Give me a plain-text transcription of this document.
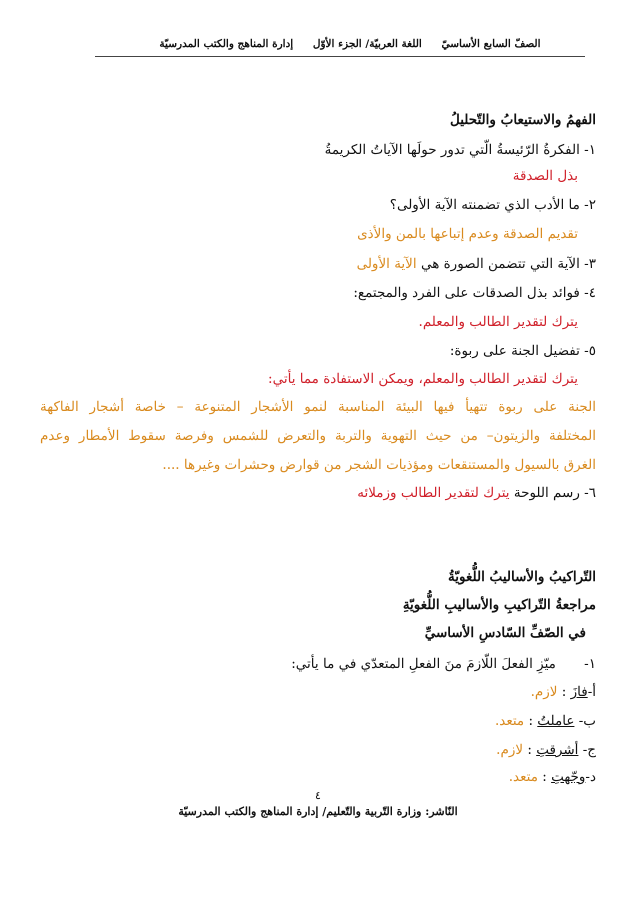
الصفّ السابع الأساسيّ اللغة العربيّة/ الجزء الأوّل إدارة المناهج والكتب المدرسيّة
الفهمُ والاستيعابُ والتّحليلُ
١- الفكرةُ الرّئيسةُ الّتي تدور حولَها الآياتُ الكريمةُ
بذل الصدقة
٢- ما الأدب الذي تضمنته الآية الأولى؟
تقديم الصدقة وعدم إتباعها بالمن والأذى
٣- الآية التي تتضمن الصورة هي الآية الأولى
٤- فوائد بذل الصدقات على الفرد والمجتمع:
يترك لتقدير الطالب والمعلم.
٥- تفضيل الجنة على ربوة:
يترك لتقدير الطالب والمعلم، ويمكن الاستفادة مما يأتي:
الجنة على ربوة تتهيأ فيها البيئة المناسبة لنمو الأشجار المتنوعة – خاصة أشجار الفاكهة
المختلفة والزيتون– من حيث التهوية والتربة والتعرض للشمس وفرصة سقوط الأمطار وعدم
الغرق بالسيول والمستنقعات ومؤذيات الشجر من قوارض وحشرات وغيرها ....
٦- رسم اللوحة يترك لتقدير الطالب وزملائه
التّراكيبُ والأساليبُ اللُّغويّةُ
مراجعةُ التّراكيبِ والأساليبِ اللُّغويّةِ
في الصّفِّ السّادسِ الأساسيِّ
١- ميّزِ الفعلَ اللّازمَ منَ الفعلِ المتعدّي في ما يأتي:
أ-فازَ : لازم.
ب- عاملتُ : متعد.
ج- أشرقتِ : لازم.
د-وجّهتِ : متعد.
٤
النّاشر: وزارة التّربية والتّعليم/ إدارة المناهج والكتب المدرسيّة
